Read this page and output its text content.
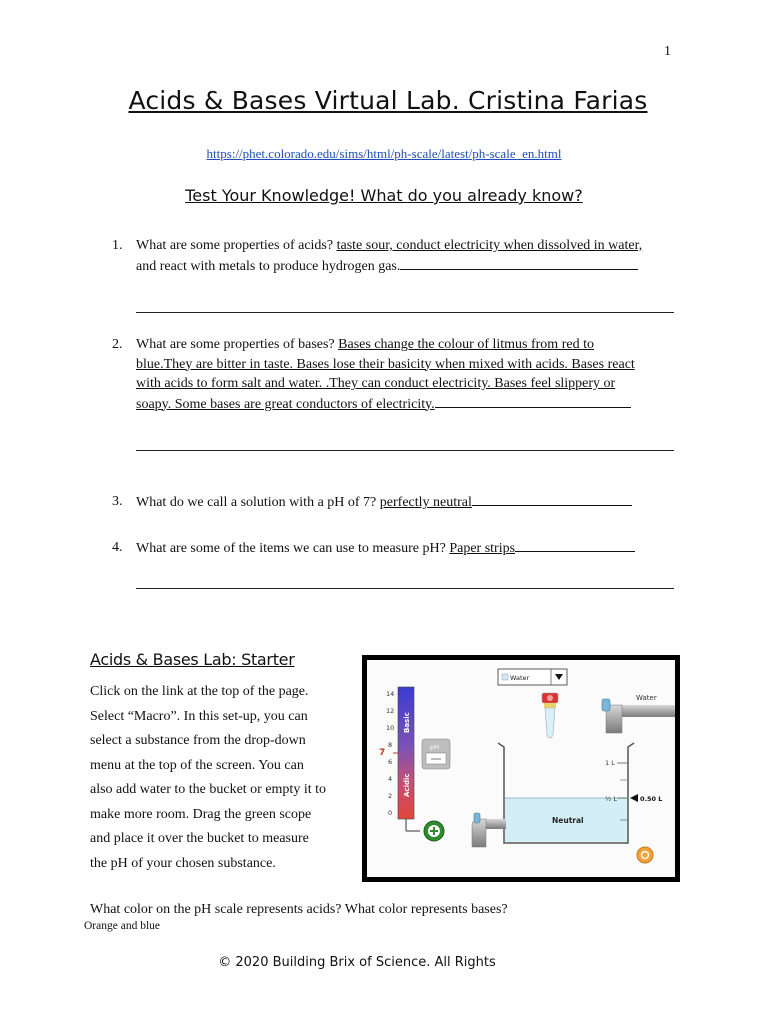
1
Acids & Bases Virtual Lab. Cristina Farias
https://phet.colorado.edu/sims/html/ph-scale/latest/ph-scale_en.html
Test Your Knowledge! What do you already know?
1. What are some properties of acids? taste sour, conduct electricity when dissolved in water,
and react with metals to produce hydrogen gas.
2. What are some properties of bases? Bases change the colour of litmus from red to
blue.They are bitter in taste. Bases lose their basicity when mixed with acids. Bases react
with acids to form salt and water. .They can conduct electricity. Bases feel slippery or
soapy. Some bases are great conductors of electricity.
3. What do we call a solution with a pH of 7? perfectly neutral
4. What are some of the items we can use to measure pH? Paper strips
Acids & Bases Lab: Starter
Click on the link at the top of the page.
Select “Macro”. In this set-up, you can
select a substance from the drop-down
menu at the top of the screen. You can
also add water to the bucket or empty it to
make more room. Drag the green scope
and place it over the bucket to measure
the pH of your chosen substance.
14
12
10
8
6
4
2
0
7
Basic
Acidic
pH
Water
Water
1 L
½ L	0.50 L
Neutral
What color on the pH scale represents acids? What color represents bases?
Orange and blue
© 2020 Building Brix of Science. All Rights
